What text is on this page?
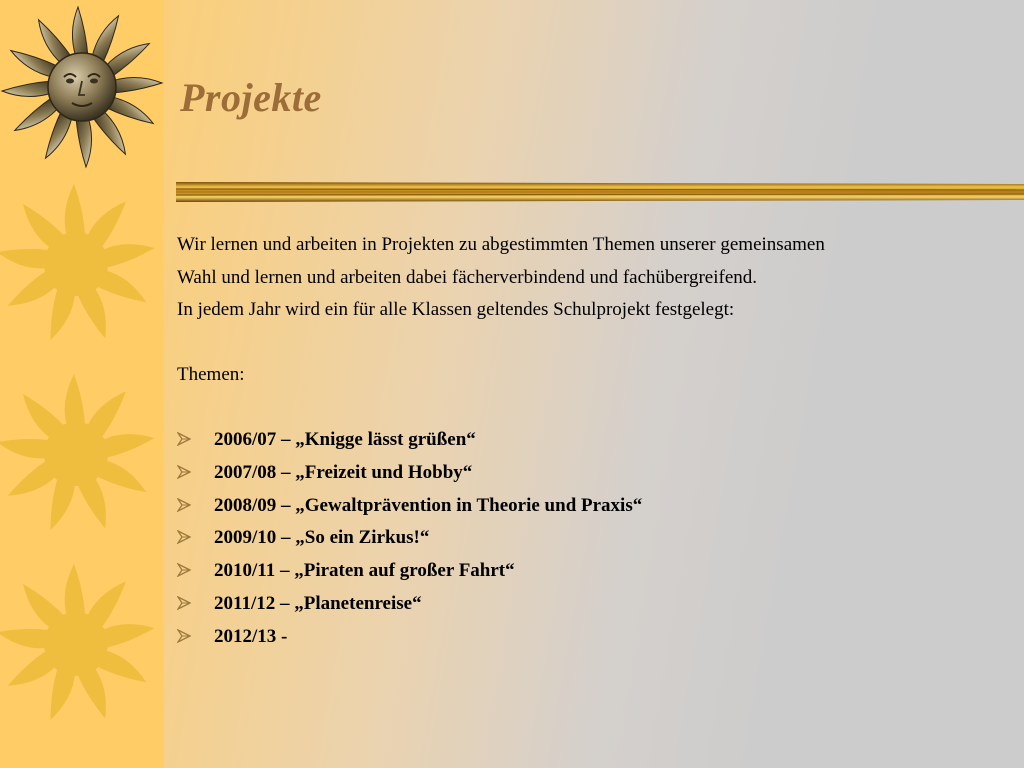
Projekte

Wir lernen und arbeiten in Projekten zu abgestimmten Themen unserer gemeinsamen

Wahl und lernen und arbeiten dabei fächerverbindend und fachübergreifend.

In jedem Jahr wird ein für alle Klassen geltendes Schulprojekt festgelegt:

Themen:

2006/07 – „Knigge lässt grüßen“
2007/08 – „Freizeit und Hobby“
2008/09 – „Gewaltprävention in Theorie und Praxis“
2009/10 – „So ein Zirkus!“
2010/11 – „Piraten auf großer Fahrt“
2011/12 – „Planetenreise“
2012/13 -
